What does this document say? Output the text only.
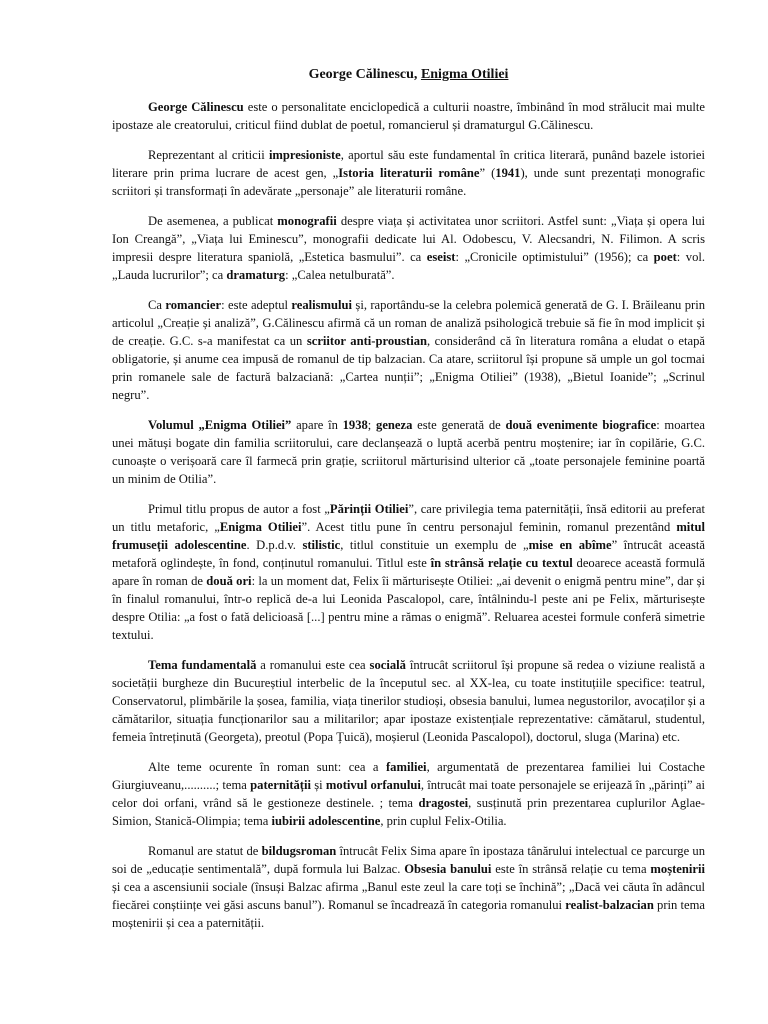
George Călinescu, Enigma Otiliei

George Călinescu este o personalitate enciclopedică a culturii noastre, îmbinând în mod strălucit mai multe ipostaze ale creatorului, criticul fiind dublat de poetul, romancierul și dramaturgul G.Călinescu.

Reprezentant al criticii impresioniste, aportul său este fundamental în critica literară, punând bazele istoriei literare prin prima lucrare de acest gen, „Istoria literaturii române” (1941), unde sunt prezentați monografic scriitori și transformați în adevărate „personaje” ale literaturii române.

De asemenea, a publicat monografii despre viața și activitatea unor scriitori. Astfel sunt: „Viața și opera lui Ion Creangă”, „Viața lui Eminescu”, monografii dedicate lui Al. Odobescu, V. Alecsandri, N. Filimon. A scris impresii despre literatura spaniolă, „Estetica basmului”. ca eseist: „Cronicile optimistului” (1956); ca poet: vol. „Lauda lucrurilor”; ca dramaturg: „Calea netulburată”.

Ca romancier: este adeptul realismului și, raportându-se la celebra polemică generată de G. I. Brăileanu prin articolul „Creație și analiză”, G.Călinescu afirmă că un roman de analiză psihologică trebuie să fie în mod implicit și de creație. G.C. s-a manifestat ca un scriitor anti-proustian, considerând că în literatura româna a eludat o etapă obligatorie, și anume cea impusă de romanul de tip balzacian. Ca atare, scriitorul își propune să umple un gol tocmai prin romanele sale de factură balzaciană: „Cartea nunții”; „Enigma Otiliei” (1938), „Bietul Ioanide”; „Scrinul negru”.

Volumul „Enigma Otiliei” apare în 1938; geneza este generată de două evenimente biografice: moartea unei mătuși bogate din familia scriitorului, care declanșează o luptă acerbă pentru moștenire; iar în copilărie, G.C. cunoaște o verișoară care îl farmecă prin grație, scriitorul mărturisind ulterior că „toate personajele feminine poartă un minim de Otilia”.

Primul titlu propus de autor a fost „Părinții Otiliei”, care privilegia tema paternității, însă editorii au preferat un titlu metaforic, „Enigma Otiliei”. Acest titlu pune în centru personajul feminin, romanul prezentând mitul frumuseții adolescentine. D.p.d.v. stilistic, titlul constituie un exemplu de „mise en abîme” întrucât această metaforă oglindește, în fond, conținutul romanului. Titlul este în strânsă relație cu textul deoarece această formulă apare în roman de două ori: la un moment dat, Felix îi mărturisește Otiliei: „ai devenit o enigmă pentru mine”, dar și în finalul romanului, într-o replică de-a lui Leonida Pascalopol, care, întâlnindu-l peste ani pe Felix, mărturisește despre Otilia: „a fost o fată delicioasă [...] pentru mine a rămas o enigmă”. Reluarea acestei formule conferă simetrie textului.

Tema fundamentală a romanului este cea socială întrucât scriitorul își propune să redea o viziune realistă a societății burgheze din Bucureștiul interbelic de la începutul sec. al XX-lea, cu toate instituțiile specifice: teatrul, Conservatorul, plimbările la șosea, familia, viața tinerilor studioși, obsesia banului, lumea negustorilor, avocaților și a cămătarilor, situația funcționarilor sau a militarilor; apar ipostaze existențiale reprezentative: cămătarul, studentul, femeia întreținută (Georgeta), preotul (Popa Țuică), moșierul (Leonida Pascalopol), doctorul, sluga (Marina) etc.

Alte teme ocurente în roman sunt: cea a familiei, argumentată de prezentarea familiei lui Costache Giurgiuveanu,..........; tema paternității și motivul orfanului, întrucât mai toate personajele se erijează în „părinți” ai celor doi orfani, vrând să le gestioneze destinele. ; tema dragostei, susținută prin prezentarea cuplurilor Aglae-Simion, Stanică-Olimpia; tema iubirii adolescentine, prin cuplul Felix-Otilia.

Romanul are statut de bildugsroman întrucât Felix Sima apare în ipostaza tânărului intelectual ce parcurge un soi de „educație sentimentală”, după formula lui Balzac. Obsesia banului este în strânsă relație cu tema moștenirii și cea a ascensiunii sociale (însuși Balzac afirma „Banul este zeul la care toți se închină”; „Dacă vei căuta în adâncul fiecărei conștiințe vei găsi ascuns banul”). Romanul se încadrează în categoria romanului realist-balzacian prin tema moștenirii și cea a paternității.
